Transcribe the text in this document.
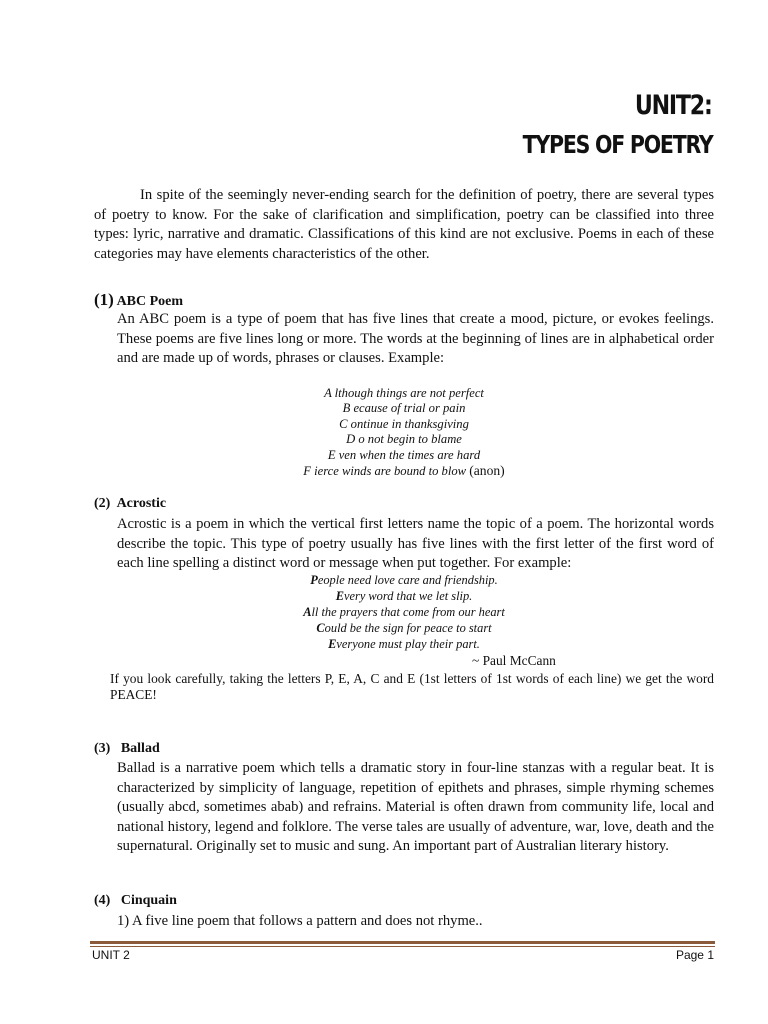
UNIT2:
TYPES OF POETRY
In spite of the seemingly never-ending search for the definition of poetry, there are several types of poetry to know. For the sake of clarification and simplification, poetry can be classified into three types: lyric, narrative and dramatic. Classifications of this kind are not exclusive. Poems in each of these categories may have elements characteristics of the other.
(1) ABC Poem
An ABC poem is a type of poem that has five lines that create a mood, picture, or evokes feelings. These poems are five lines long or more. The words at the beginning of lines are in alphabetical order and are made up of words, phrases or clauses. Example:
A lthough things are not perfect
B ecause of trial or pain
C ontinue in thanksgiving
D o not begin to blame
E ven when the times are hard
F ierce winds are bound to blow (anon)
(2) Acrostic
Acrostic is a poem in which the vertical first letters name the topic of a poem. The horizontal words describe the topic. This type of poetry usually has five lines with the first letter of the first word of each line spelling a distinct word or message when put together. For example:
People need love care and friendship.
Every word that we let slip.
All the prayers that come from our heart
Could be the sign for peace to start
Everyone must play their part.
~ Paul McCann
If you look carefully, taking the letters P, E, A, C and E (1st letters of 1st words of each line) we get the word PEACE!
(3) Ballad
Ballad is a narrative poem which tells a dramatic story in four-line stanzas with a regular beat. It is characterized by simplicity of language, repetition of epithets and phrases, simple rhyming schemes (usually abcd, sometimes abab) and refrains. Material is often drawn from community life, local and national history, legend and folklore. The verse tales are usually of adventure, war, love, death and the supernatural. Originally set to music and sung. An important part of Australian literary history.
(4) Cinquain
1) A five line poem that follows a pattern and does not rhyme..
UNIT 2	Page 1
